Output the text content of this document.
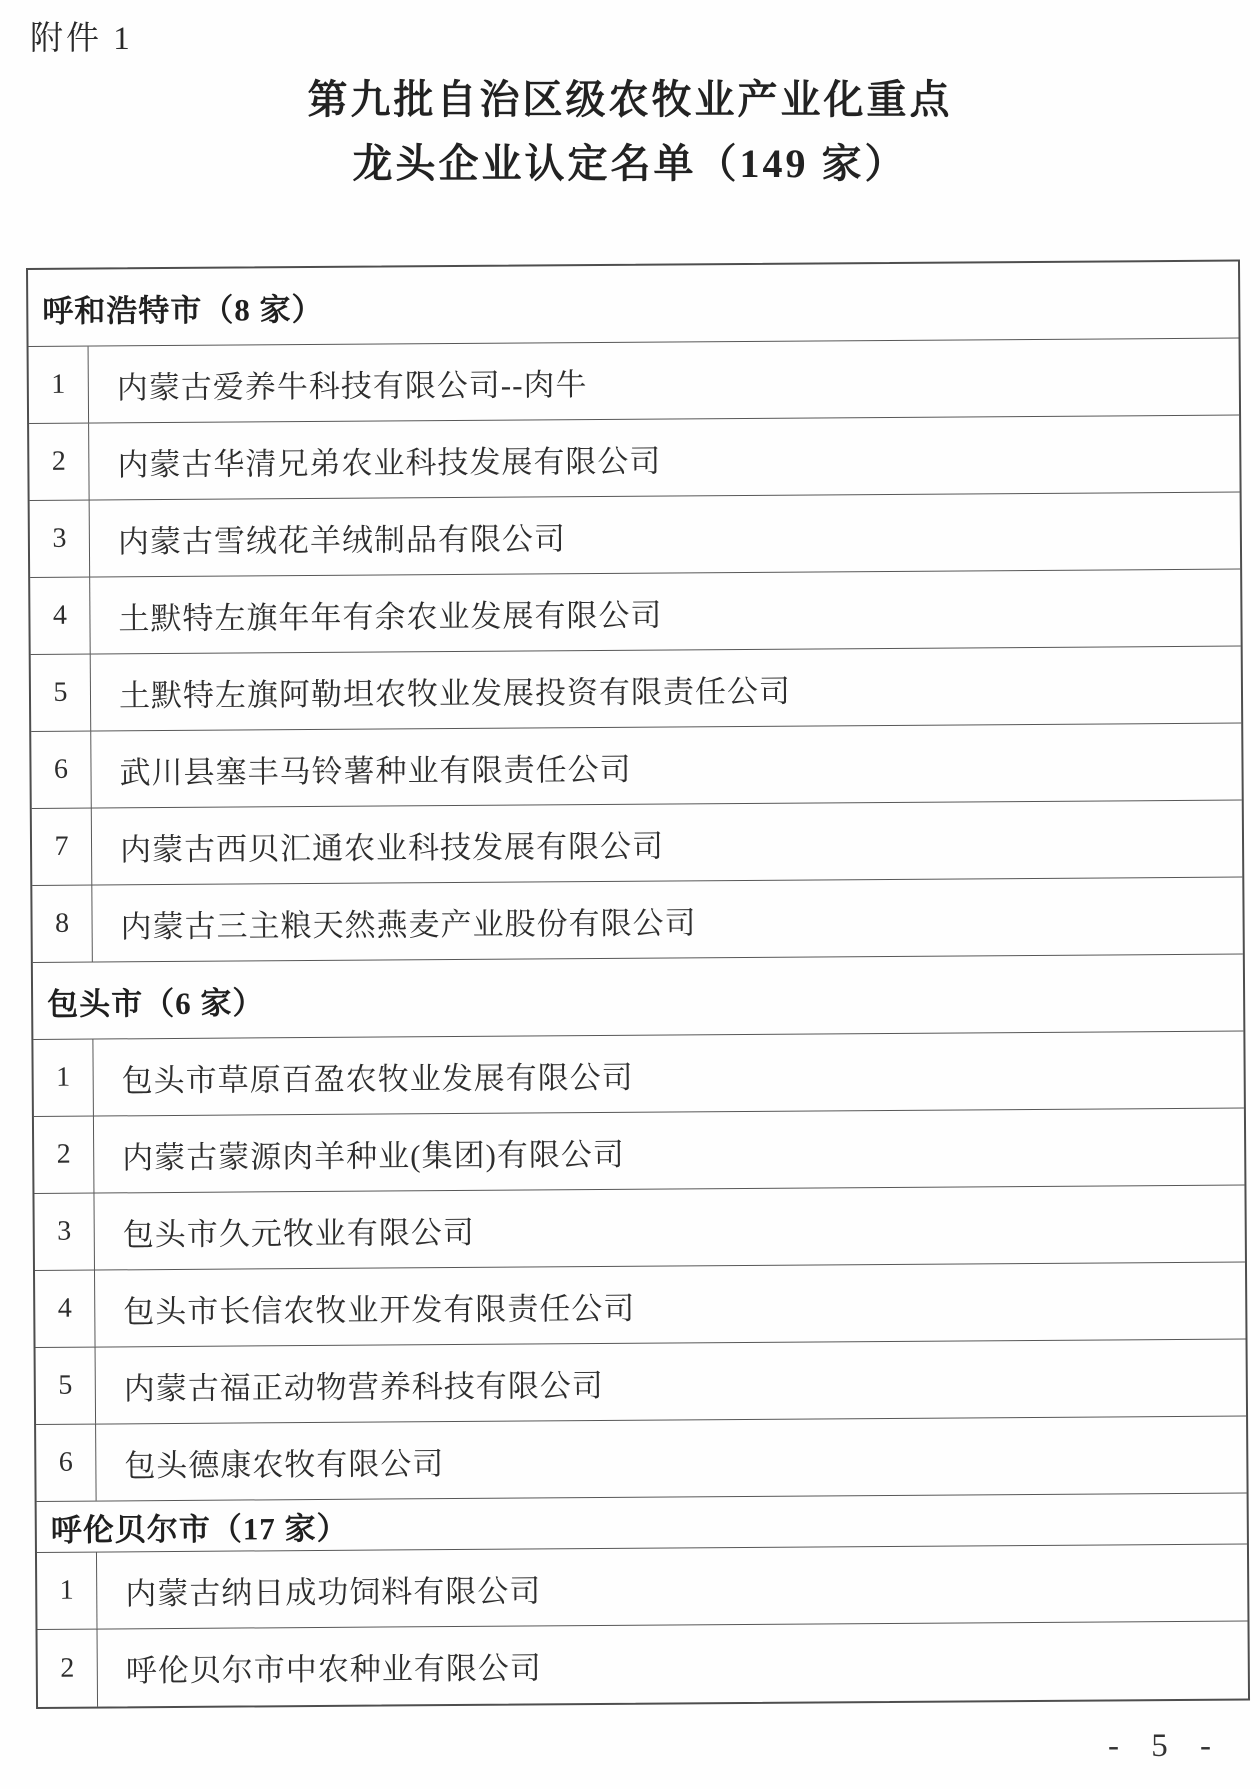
附件 1
第九批自治区级农牧业产业化重点
龙头企业认定名单（149 家）
呼和浩特市（8 家）
1	内蒙古爱养牛科技有限公司--肉牛
2	内蒙古华清兄弟农业科技发展有限公司
3	内蒙古雪绒花羊绒制品有限公司
4	土默特左旗年年有余农业发展有限公司
5	土默特左旗阿勒坦农牧业发展投资有限责任公司
6	武川县塞丰马铃薯种业有限责任公司
7	内蒙古西贝汇通农业科技发展有限公司
8	内蒙古三主粮天然燕麦产业股份有限公司
包头市（6 家）
1	包头市草原百盈农牧业发展有限公司
2	内蒙古蒙源肉羊种业(集团)有限公司
3	包头市久元牧业有限公司
4	包头市长信农牧业开发有限责任公司
5	内蒙古福正动物营养科技有限公司
6	包头德康农牧有限公司
呼伦贝尔市（17 家）
1	内蒙古纳日成功饲料有限公司
2	呼伦贝尔市中农种业有限公司
- 5 -
